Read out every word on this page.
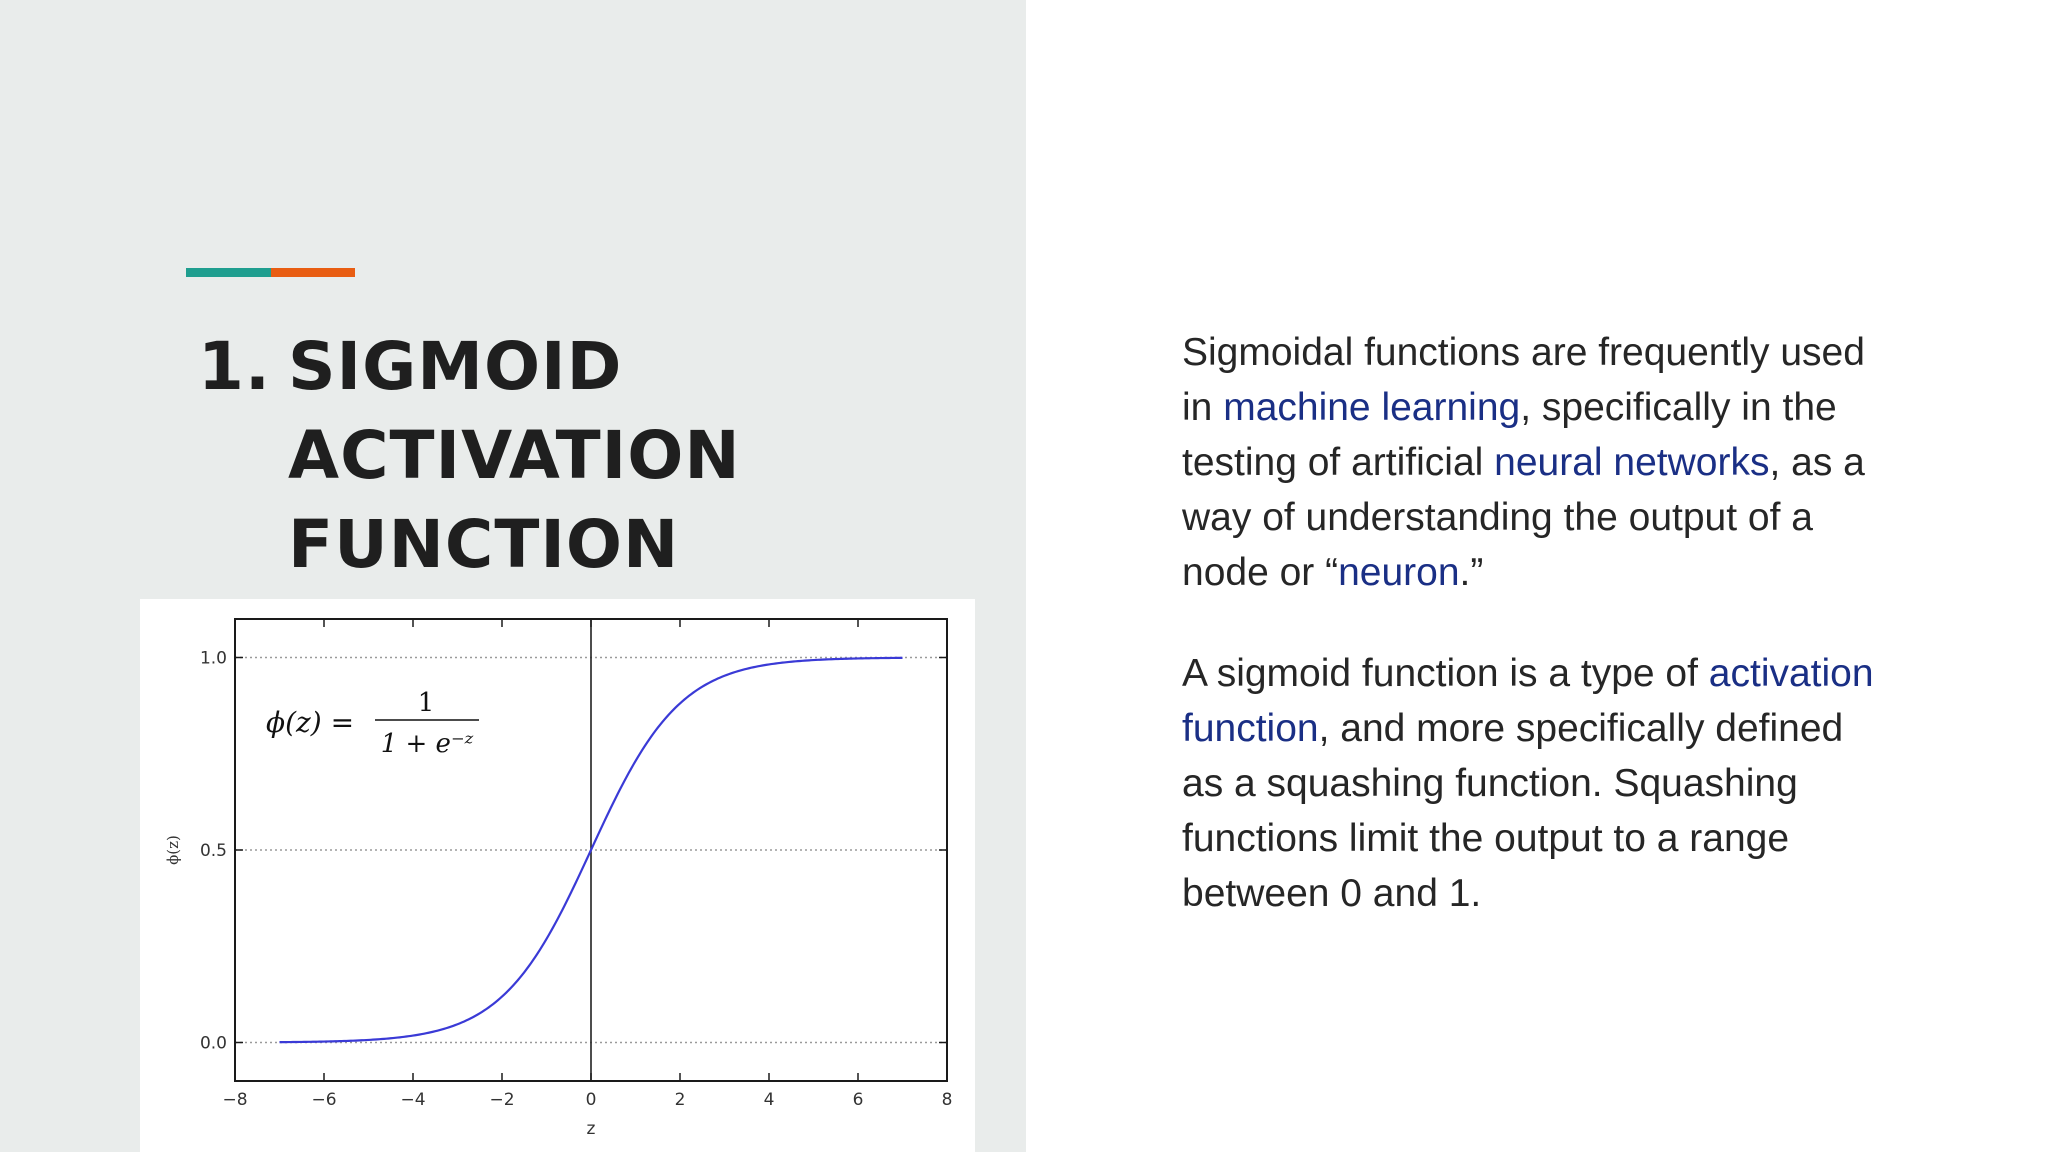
1. SIGMOID
ACTIVATION
FUNCTION
−8	−6	−4	−2	0	2	4	6	8
0.0
0.5
1.0
z
ϕ(z)
ϕ(z) =
1
1 + e⁻ᶻ

Sigmoidal functions are frequently used
in machine learning, specifically in the
testing of artificial neural networks, as a
way of understanding the output of a
node or “neuron.”

A sigmoid function is a type of activation
function, and more specifically defined
as a squashing function. Squashing
functions limit the output to a range
between 0 and 1.
